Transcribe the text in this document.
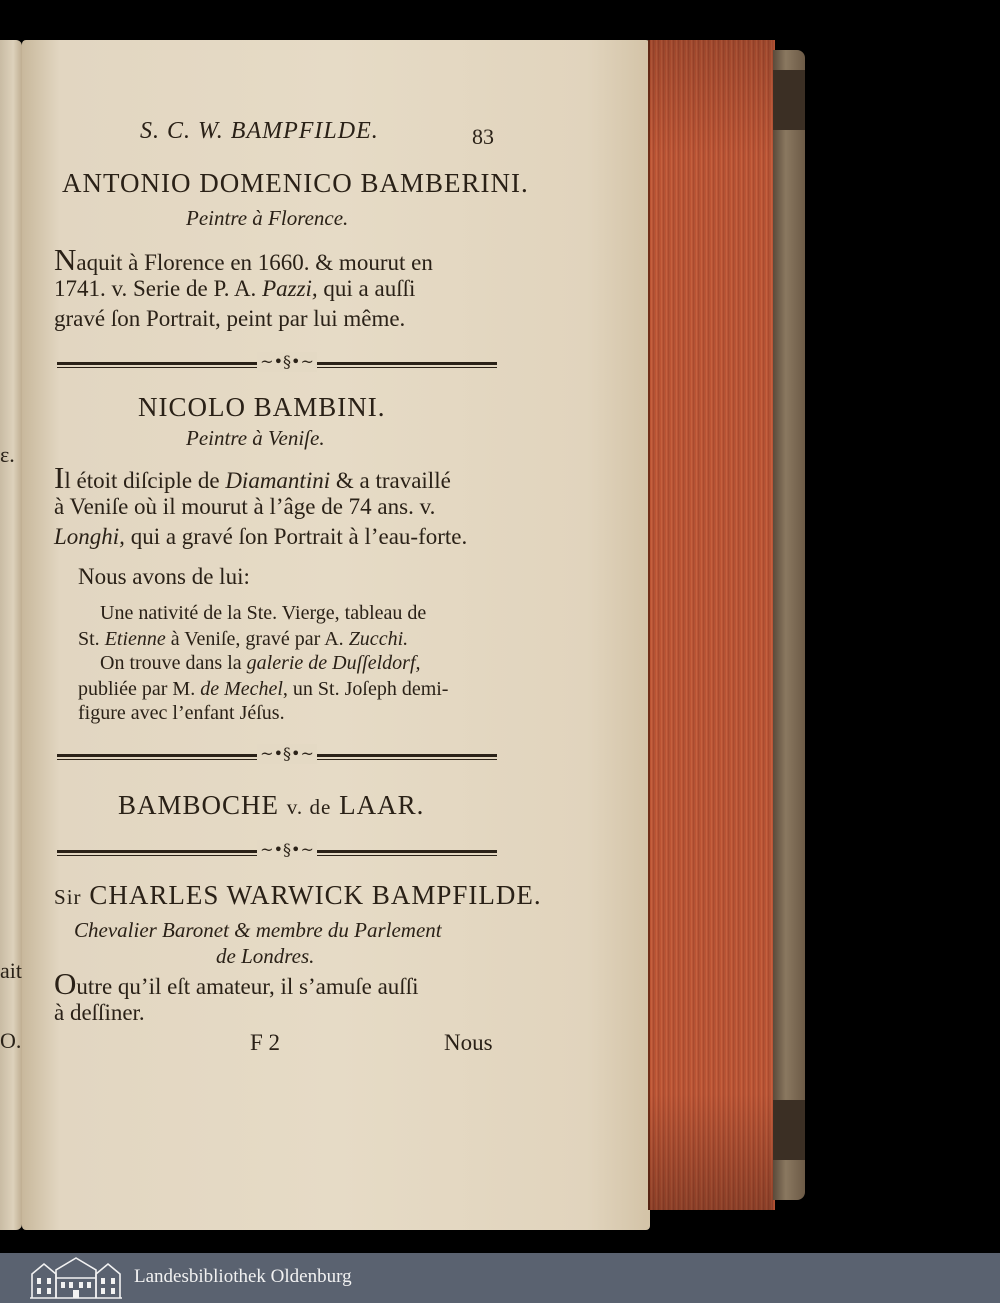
ε.
ait
O.
S. C. W. BAMPFILDE.	83
ANTONIO DOMENICO BAMBERINI.
Peintre à Florence.
Naquit à Florence en 1660. & mourut en
1741. v. Serie de P. A. Pazzi, qui a auſſi
gravé ſon Portrait, peint par lui même.
~•§•~
NICOLO BAMBINI.
Peintre à Veniſe.
Il étoit diſciple de Diamantini & a travaillé
à Veniſe où il mourut à l’âge de 74 ans. v.
Longhi, qui a gravé ſon Portrait à l’eau-forte.
Nous avons de lui:
Une nativité de la Ste. Vierge, tableau de
St. Etienne à Veniſe, gravé par A. Zucchi.
On trouve dans la galerie de Duſſeldorf,
publiée par M. de Mechel, un St. Joſeph demi-
figure avec l’enfant Jéſus.
~•§•~
BAMBOCHE v. de LAAR.
~•§•~
Sir CHARLES WARWICK BAMPFILDE.
Chevalier Baronet & membre du Parlement
de Londres.
Outre qu’il eſt amateur, il s’amuſe auſſi
à deſſiner.
F 2	Nous
Landesbibliothek Oldenburg
